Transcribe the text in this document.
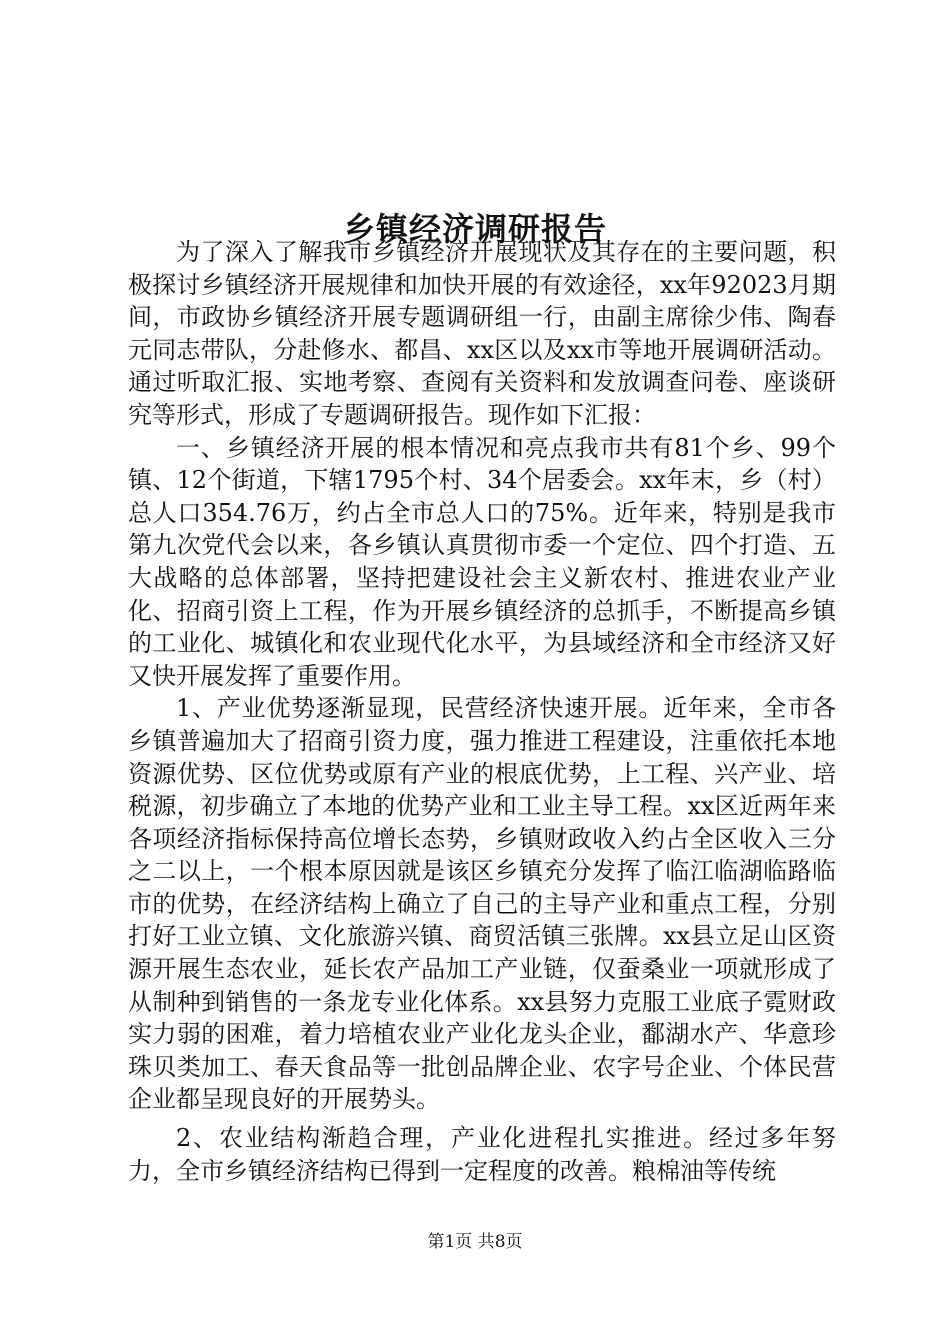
乡镇经济调研报告

为了深入了解我市乡镇经济开展现状及其存在的主要问题，积极探讨乡镇经济开展规律和加快开展的有效途径，xx年92023月期间，市政协乡镇经济开展专题调研组一行，由副主席徐少伟、陶春元同志带队，分赴修水、都昌、xx区以及xx市等地开展调研活动。通过听取汇报、实地考察、查阅有关资料和发放调查问卷、座谈研究等形式，形成了专题调研报告。现作如下汇报：

一、乡镇经济开展的根本情况和亮点我市共有81个乡、99个镇、12个街道，下辖1795个村、34个居委会。xx年末，乡（村）总人口354.76万，约占全市总人口的75%。近年来，特别是我市第九次党代会以来，各乡镇认真贯彻市委一个定位、四个打造、五大战略的总体部署，坚持把建设社会主义新农村、推进农业产业化、招商引资上工程，作为开展乡镇经济的总抓手，不断提高乡镇的工业化、城镇化和农业现代化水平，为县域经济和全市经济又好又快开展发挥了重要作用。

1、产业优势逐渐显现，民营经济快速开展。近年来，全市各乡镇普遍加大了招商引资力度，强力推进工程建设，注重依托本地资源优势、区位优势或原有产业的根底优势，上工程、兴产业、培税源，初步确立了本地的优势产业和工业主导工程。xx区近两年来各项经济指标保持高位增长态势，乡镇财政收入约占全区收入三分之二以上，一个根本原因就是该区乡镇充分发挥了临江临湖临路临市的优势，在经济结构上确立了自己的主导产业和重点工程，分别打好工业立镇、文化旅游兴镇、商贸活镇三张牌。xx县立足山区资源开展生态农业，延长农产品加工产业链，仅蚕桑业一项就形成了从制种到销售的一条龙专业化体系。xx县努力克服工业底子霓财政实力弱的困难，着力培植农业产业化龙头企业，鄱湖水产、华意珍珠贝类加工、春天食品等一批创品牌企业、农字号企业、个体民营企业都呈现良好的开展势头。

2、农业结构渐趋合理，产业化进程扎实推进。经过多年努力，全市乡镇经济结构已得到一定程度的改善。粮棉油等传统

第1页 共8页
